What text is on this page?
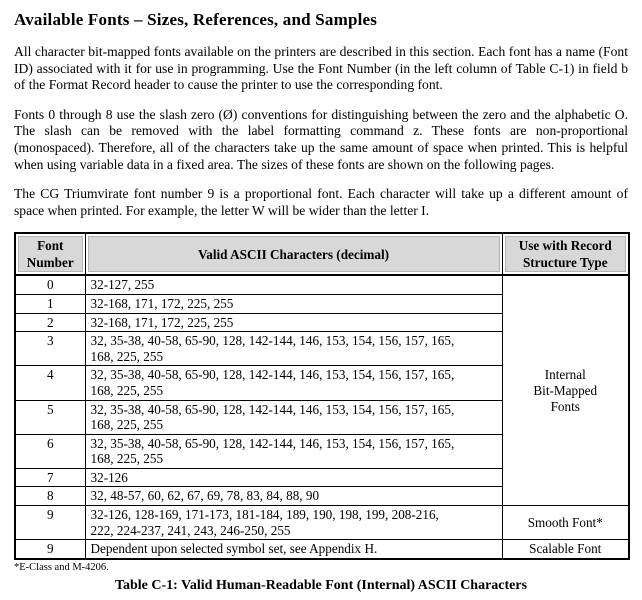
Available Fonts – Sizes, References, and Samples

All character bit-mapped fonts available on the printers are described in this section. Each font has a name (Font ID) associated with it for use in programming. Use the Font Number (in the left column of Table C-1) in field b of the Format Record header to cause the printer to use the corresponding font.

Fonts 0 through 8 use the slash zero (Ø) conventions for distinguishing between the zero and the alphabetic O. The slash can be removed with the label formatting command z. These fonts are non-proportional (monospaced). Therefore, all of the characters take up the same amount of space when printed. This is helpful when using variable data in a fixed area. The sizes of these fonts are shown on the following pages.

The CG Triumvirate font number 9 is a proportional font. Each character will take up a different amount of space when printed. For example, the letter W will be wider than the letter I.

Font Number	Valid ASCII Characters (decimal)	Use with Record Structure Type
0	32-127, 255	Internal
Bit-Mapped
Fonts

1	32-168, 171, 172, 225, 255	
2	32-168, 171, 172, 225, 255	
3	32, 35-38, 40-58, 65-90, 128, 142-144, 146, 153, 154, 156, 157, 165, 168, 225, 255	
4	32, 35-38, 40-58, 65-90, 128, 142-144, 146, 153, 154, 156, 157, 165, 168, 225, 255	
5	32, 35-38, 40-58, 65-90, 128, 142-144, 146, 153, 154, 156, 157, 165, 168, 225, 255	
6	32, 35-38, 40-58, 65-90, 128, 142-144, 146, 153, 154, 156, 157, 165, 168, 225, 255	
7	32-126	
8	32, 48-57, 60, 62, 67, 69, 78, 83, 84, 88, 90	
9	32-126, 128-169, 171-173, 181-184, 189, 190, 198, 199, 208-216, 222, 224-237, 241, 243, 246-250, 255	Smooth Font*
9	Dependent upon selected symbol set, see Appendix H.	Scalable Font
*E-Class and M-4206.
Table C-1: Valid Human-Readable Font (Internal) ASCII Characters
